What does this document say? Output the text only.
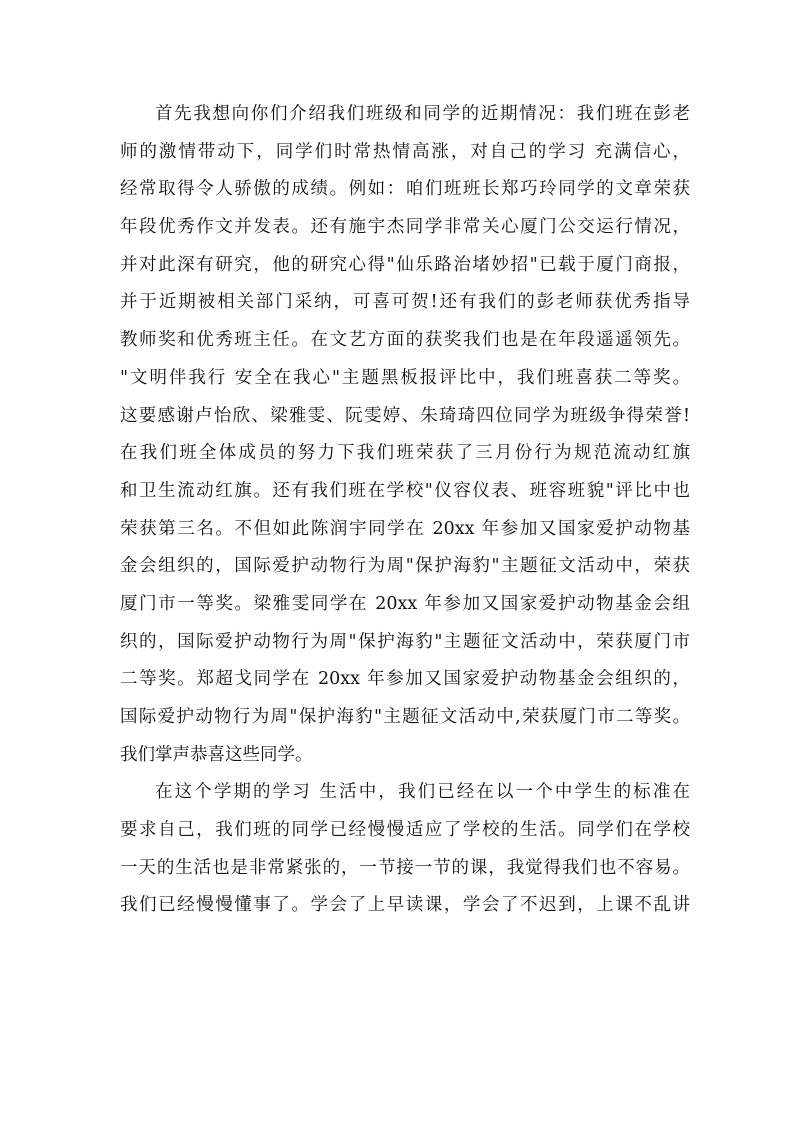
首先我想向你们介绍我们班级和同学的近期情况：我们班在彭老
师的激情带动下，同学们时常热情高涨，对自己的学习 充满信心，
经常取得令人骄傲的成绩。例如：咱们班班长郑巧玲同学的文章荣获
年段优秀作文并发表。还有施宇杰同学非常关心厦门公交运行情况，
并对此深有研究，他的研究心得"仙乐路治堵妙招"已载于厦门商报，
并于近期被相关部门采纳，可喜可贺!还有我们的彭老师获优秀指导
教师奖和优秀班主任。在文艺方面的获奖我们也是在年段遥遥领先。
"文明伴我行 安全在我心"主题黑板报评比中，我们班喜获二等奖。
这要感谢卢怡欣、梁雅雯、阮雯婷、朱琦琦四位同学为班级争得荣誉!
在我们班全体成员的努力下我们班荣获了三月份行为规范流动红旗
和卫生流动红旗。还有我们班在学校"仪容仪表、班容班貌"评比中也
荣获第三名。不但如此陈润宇同学在 20xx 年参加又国家爱护动物基
金会组织的，国际爱护动物行为周"保护海豹"主题征文活动中，荣获
厦门市一等奖。梁雅雯同学在 20xx 年参加又国家爱护动物基金会组
织的，国际爱护动物行为周"保护海豹"主题征文活动中，荣获厦门市
二等奖。郑超戈同学在 20xx 年参加又国家爱护动物基金会组织的，
国际爱护动物行为周"保护海豹"主题征文活动中,荣获厦门市二等奖。
我们掌声恭喜这些同学。
在这个学期的学习 生活中，我们已经在以一个中学生的标准在
要求自己，我们班的同学已经慢慢适应了学校的生活。同学们在学校
一天的生活也是非常紧张的，一节接一节的课，我觉得我们也不容易。
我们已经慢慢懂事了。学会了上早读课，学会了不迟到，上课不乱讲
